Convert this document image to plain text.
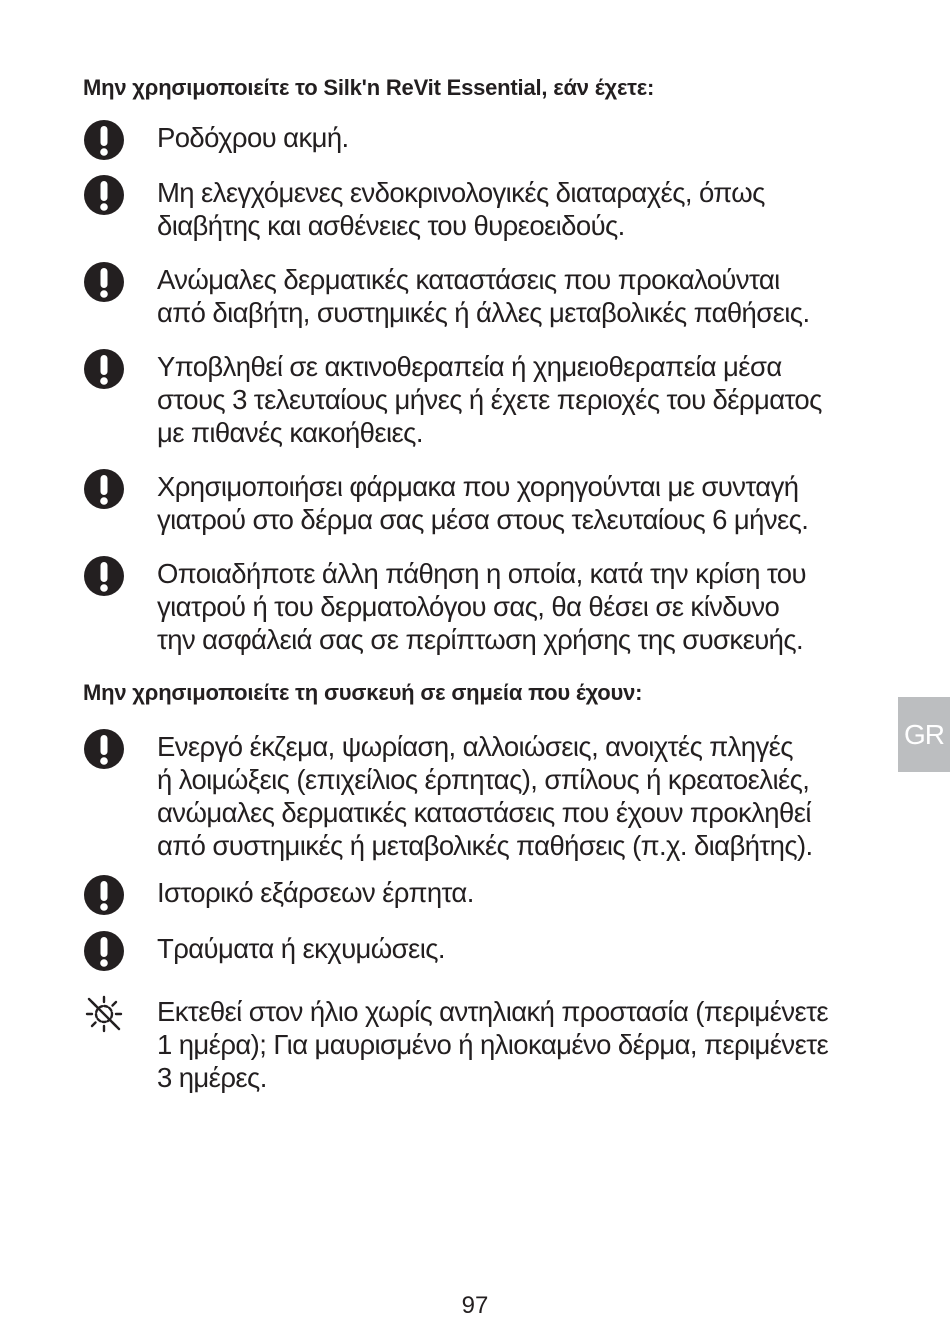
Μην χρησιμοποιείτε το Silk'n ReVit Essential, εάν έχετε:

Ροδόχρου ακμή.

Μη ελεγχόμενες ενδοκρινολογικές διαταραχές, όπως
διαβήτης και ασθένειες του θυρεοειδούς.

Ανώμαλες δερματικές καταστάσεις που προκαλούνται
από διαβήτη, συστημικές ή άλλες μεταβολικές παθήσεις.

Υποβληθεί σε ακτινοθεραπεία ή χημειοθεραπεία μέσα
στους 3 τελευταίους μήνες ή έχετε περιοχές του δέρματος
με πιθανές κακοήθειες.

Χρησιμοποιήσει φάρμακα που χορηγούνται με συνταγή
γιατρού στο δέρμα σας μέσα στους τελευταίους 6 μήνες.

Οποιαδήποτε άλλη πάθηση η οποία, κατά την κρίση του
γιατρού ή του δερματολόγου σας, θα θέσει σε κίνδυνο
την ασφάλειά σας σε περίπτωση χρήσης της συσκευής.

Μην χρησιμοποιείτε τη συσκευή σε σημεία που έχουν:

Ενεργό έκζεμα, ψωρίαση, αλλοιώσεις, ανοιχτές πληγές
ή λοιμώξεις (επιχείλιος έρπητας), σπίλους ή κρεατοελιές,
ανώμαλες δερματικές καταστάσεις που έχουν προκληθεί
από συστημικές ή μεταβολικές παθήσεις (π.χ. διαβήτης).

Ιστορικό εξάρσεων έρπητα.

Τραύματα ή εκχυμώσεις.

Εκτεθεί στον ήλιο χωρίς αντηλιακή προστασία (περιμένετε
1 ημέρα); Για μαυρισμένο ή ηλιοκαμένο δέρμα, περιμένετε
3 ημέρες.

GR
97
